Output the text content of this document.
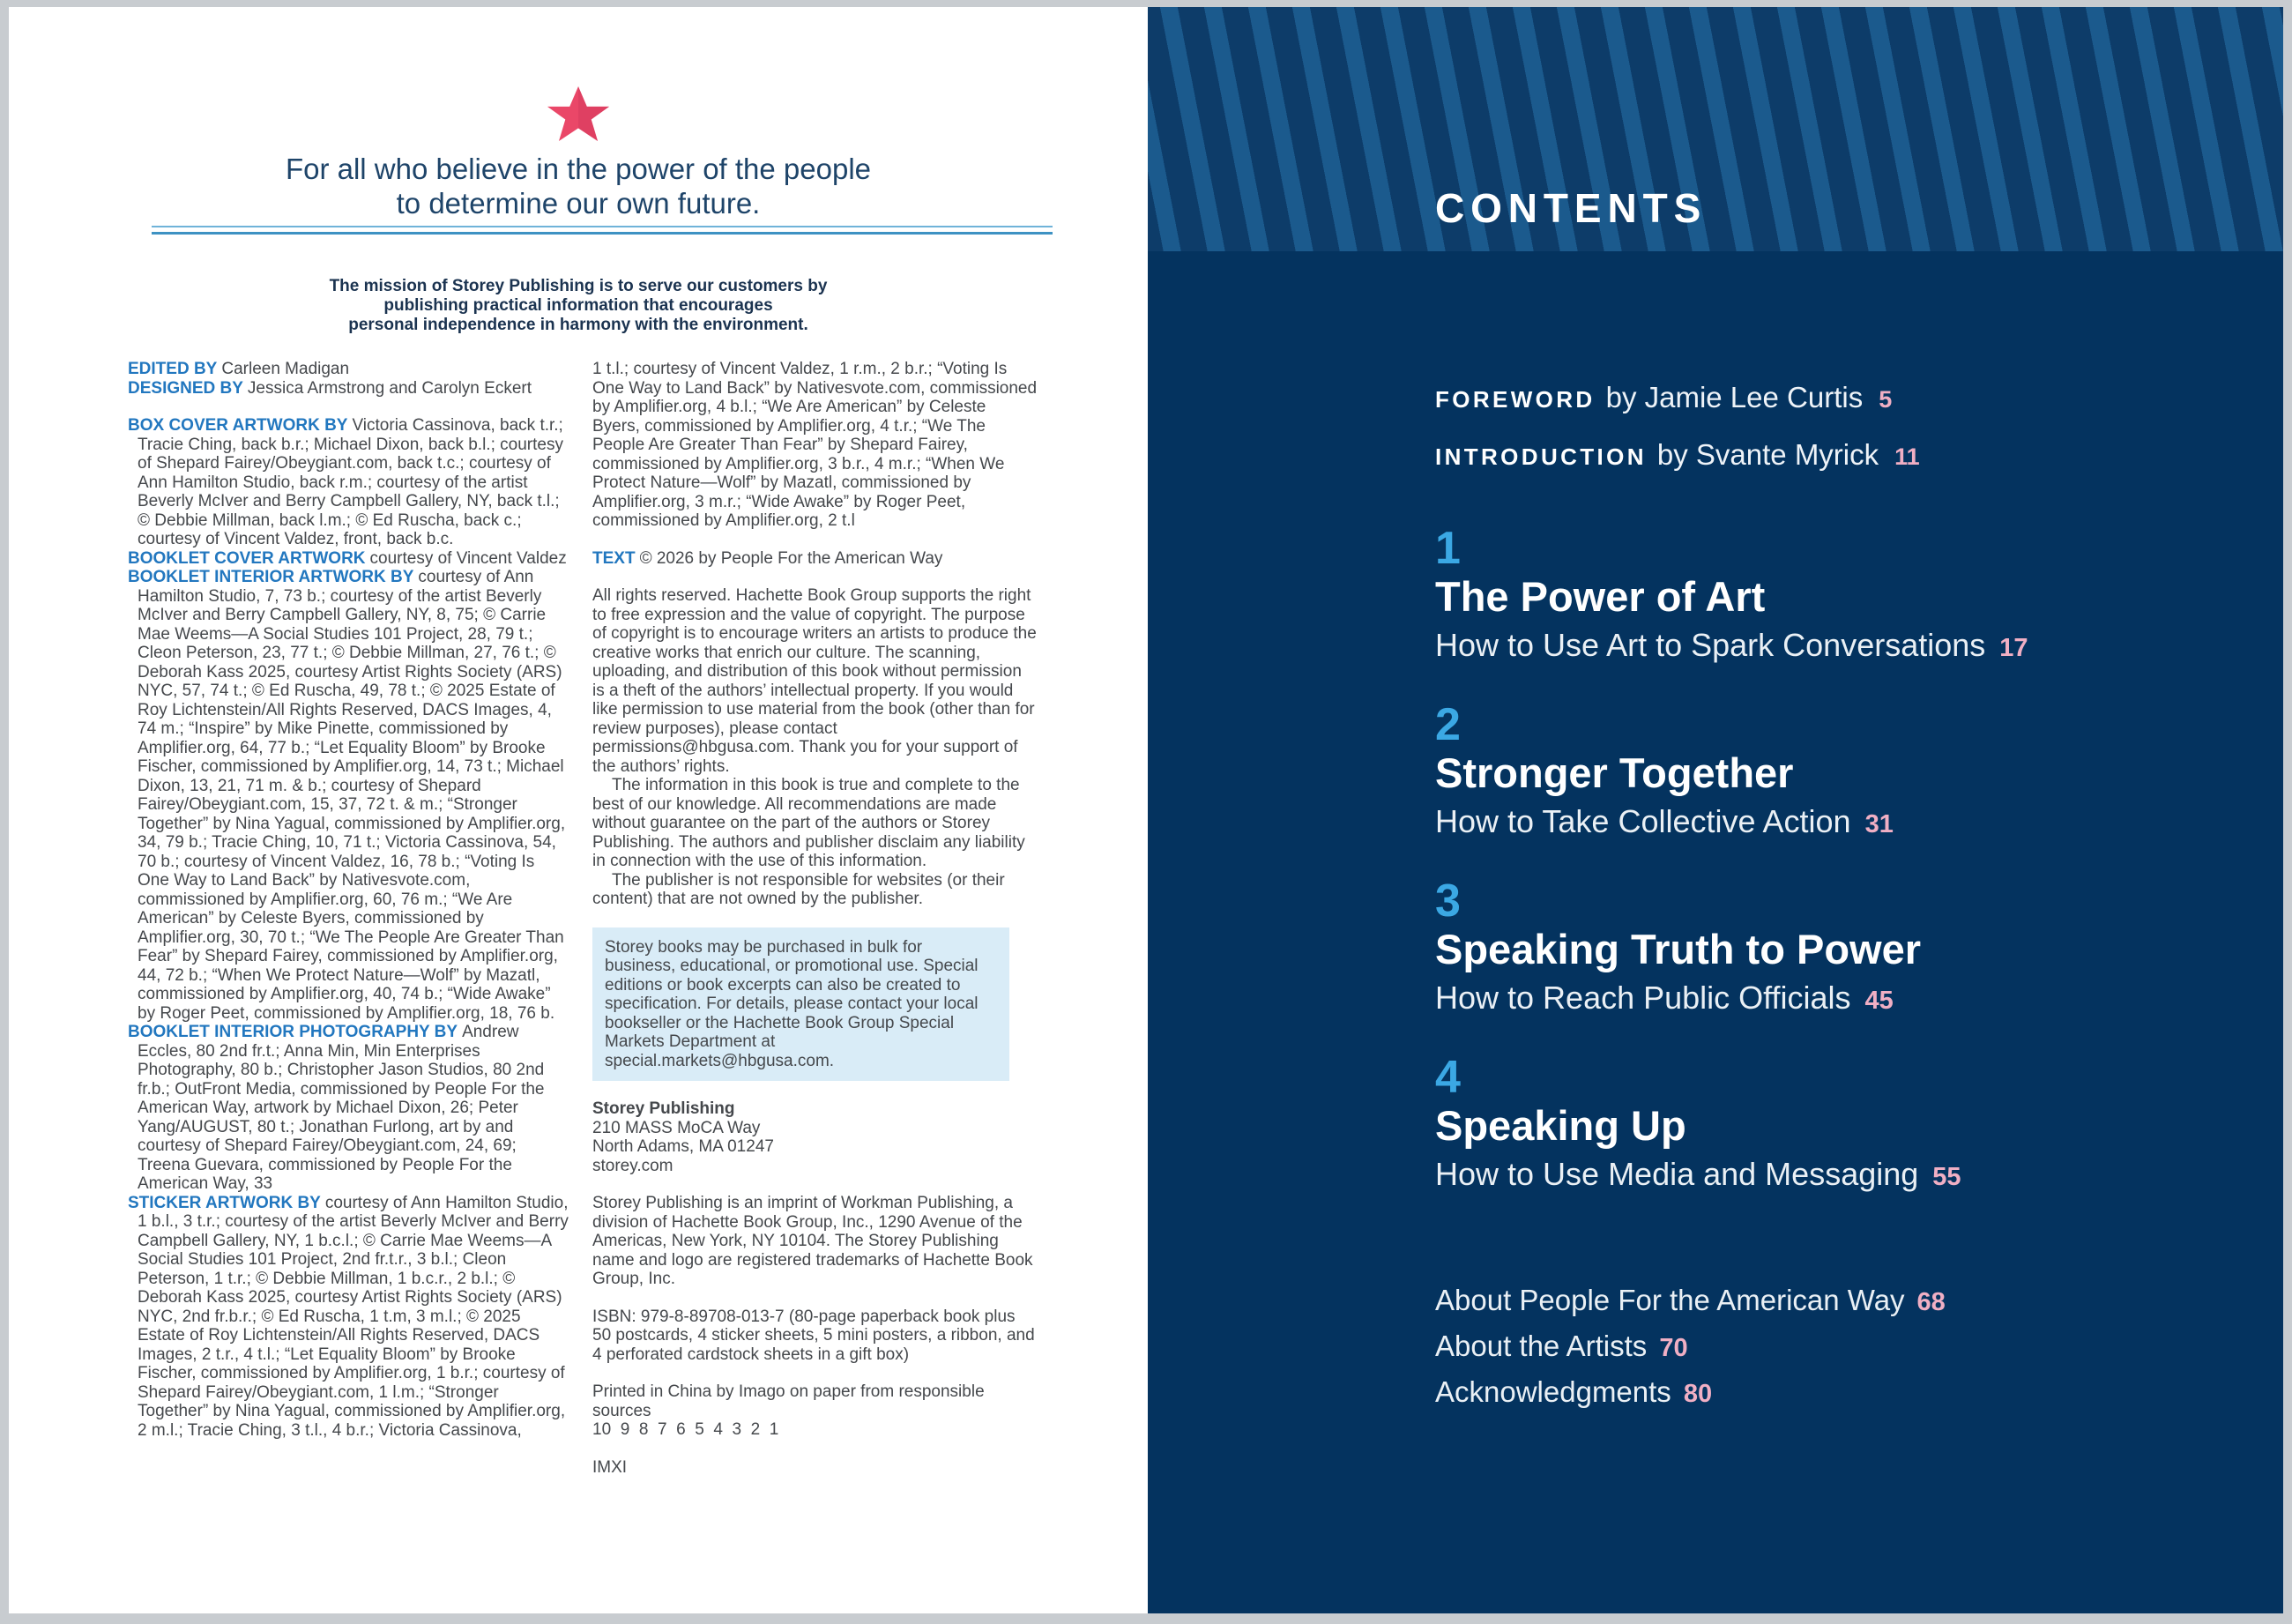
For all who believe in the power of the people
to determine our own future.
The mission of Storey Publishing is to serve our customers by
publishing practical information that encourages
personal independence in harmony with the environment.

EDITED BY Carleen Madigan

DESIGNED BY Jessica Armstrong and Carolyn Eckert

BOX COVER ARTWORK BY Victoria Cassinova, back t.r.; Tracie Ching, back b.r.; Michael Dixon, back b.l.; courtesy of Shepard Fairey/Obeygiant.com, back t.c.; courtesy of Ann Hamilton Studio, back r.m.; courtesy of the artist Beverly McIver and Berry Campbell Gallery, NY, back t.l.; © Debbie Millman, back l.m.; © Ed Ruscha, back c.; courtesy of Vincent Valdez, front, back b.c.

BOOKLET COVER ARTWORK courtesy of Vincent Valdez

BOOKLET INTERIOR ARTWORK BY courtesy of Ann Hamilton Studio, 7, 73 b.; courtesy of the artist Beverly McIver and Berry Campbell Gallery, NY, 8, 75; © Carrie Mae Weems—A Social Studies 101 Project, 28, 79 t.; Cleon Peterson, 23, 77 t.; © Debbie Millman, 27, 76 t.; © Deborah Kass 2025, courtesy Artist Rights Society (ARS) NYC, 57, 74 t.; © Ed Ruscha, 49, 78 t.; © 2025 Estate of Roy Lichtenstein/All Rights Reserved, DACS Images, 4, 74 m.; “Inspire” by Mike Pinette, commissioned by Amplifier.org, 64, 77 b.; “Let Equality Bloom” by Brooke Fischer, commissioned by Amplifier.org, 14, 73 t.; Michael Dixon, 13, 21, 71 m. & b.; courtesy of Shepard Fairey/Obeygiant.com, 15, 37, 72 t. & m.; “Stronger Together” by Nina Yagual, commissioned by Amplifier.org, 34, 79 b.; Tracie Ching, 10, 71 t.; Victoria Cassinova, 54, 70 b.; courtesy of Vincent Valdez, 16, 78 b.; “Voting Is One Way to Land Back” by Nativesvote.com, commissioned by Amplifier.org, 60, 76 m.; “We Are American” by Celeste Byers, commissioned by Amplifier.org, 30, 70 t.; “We The People Are Greater Than Fear” by Shepard Fairey, commissioned by Amplifier.org, 44, 72 b.; “When We Protect Nature—Wolf” by Mazatl, commissioned by Amplifier.org, 40, 74 b.; “Wide Awake” by Roger Peet, commissioned by Amplifier.org, 18, 76 b.

BOOKLET INTERIOR PHOTOGRAPHY BY Andrew Eccles, 80 2nd fr.t.; Anna Min, Min Enterprises Photography, 80 b.; Christopher Jason Studios, 80 2nd fr.b.; OutFront Media, commissioned by People For the American Way, artwork by Michael Dixon, 26; Peter Yang/AUGUST, 80 t.; Jonathan Furlong, art by and courtesy of Shepard Fairey/Obeygiant.com, 24, 69; Treena Guevara, commissioned by People For the American Way, 33

STICKER ARTWORK BY courtesy of Ann Hamilton Studio, 1 b.l., 3 t.r.; courtesy of the artist Beverly McIver and Berry Campbell Gallery, NY, 1 b.c.l.; © Carrie Mae Weems—A Social Studies 101 Project, 2nd fr.t.r., 3 b.l.; Cleon Peterson, 1 t.r.; © Debbie Millman, 1 b.c.r., 2 b.l.; © Deborah Kass 2025, courtesy Artist Rights Society (ARS) NYC, 2nd fr.b.r.; © Ed Ruscha, 1 t.m, 3 m.l.; © 2025 Estate of Roy Lichtenstein/All Rights Reserved, DACS Images, 2 t.r., 4 t.l.; “Let Equality Bloom” by Brooke Fischer, commissioned by Amplifier.org, 1 b.r.; courtesy of Shepard Fairey/Obeygiant.com, 1 l.m.; “Stronger Together” by Nina Yagual, commissioned by Amplifier.org, 2 m.l.; Tracie Ching, 3 t.l., 4 b.r.; Victoria Cassinova,

1 t.l.; courtesy of Vincent Valdez, 1 r.m., 2 b.r.; “Voting Is One Way to Land Back” by Nativesvote.com, commissioned by Amplifier.org, 4 b.l.; “We Are American” by Celeste Byers, commissioned by Amplifier.org, 4 t.r.; “We The People Are Greater Than Fear” by Shepard Fairey, commissioned by Amplifier.org, 3 b.r., 4 m.r.; “When We Protect Nature—Wolf” by Mazatl, commissioned by Amplifier.org, 3 m.r.; “Wide Awake” by Roger Peet, commissioned by Amplifier.org, 2 t.l

TEXT © 2026 by People For the American Way

All rights reserved. Hachette Book Group supports the right to free expression and the value of copyright. The purpose of copyright is to encourage writers an artists to produce the creative works that enrich our culture. The scanning, uploading, and distribution of this book without permission is a theft of the authors’ intellectual property. If you would like permission to use material from the book (other than for review purposes), please contact permissions@hbgusa.com. Thank you for your support of the authors’ rights.

The information in this book is true and complete to the best of our knowledge. All recommendations are made without guarantee on the part of the authors or Storey Publishing. The authors and publisher disclaim any liability in connection with the use of this information.

The publisher is not responsible for websites (or their content) that are not owned by the publisher.

Storey books may be purchased in bulk for business, educational, or promotional use. Special editions or book excerpts can also be created to specification. For details, please contact your local bookseller or the Hachette Book Group Special Markets Department at special.markets@hbgusa.com.

Storey Publishing

210 MASS MoCA Way

North Adams, MA 01247

storey.com

Storey Publishing is an imprint of Workman Publishing, a division of Hachette Book Group, Inc., 1290 Avenue of the Americas, New York, NY 10104. The Storey Publishing name and logo are registered trademarks of Hachette Book Group, Inc.

ISBN: 979-8-89708-013-7 (80-page paperback book plus 50 postcards, 4 sticker sheets, 5 mini posters, a ribbon, and 4 perforated cardstock sheets in a gift box)

Printed in China by Imago on paper from responsible sources

10  9  8  7  6  5  4  3  2  1

IMXI

CONTENTS
FOREWORD by Jamie Lee Curtis 5
INTRODUCTION by Svante Myrick 11
1
The Power of Art
How to Use Art to Spark Conversations 17
2
Stronger Together
How to Take Collective Action 31
3
Speaking Truth to Power
How to Reach Public Officials 45
4
Speaking Up
How to Use Media and Messaging 55
About People For the American Way 68
About the Artists 70
Acknowledgments 80
